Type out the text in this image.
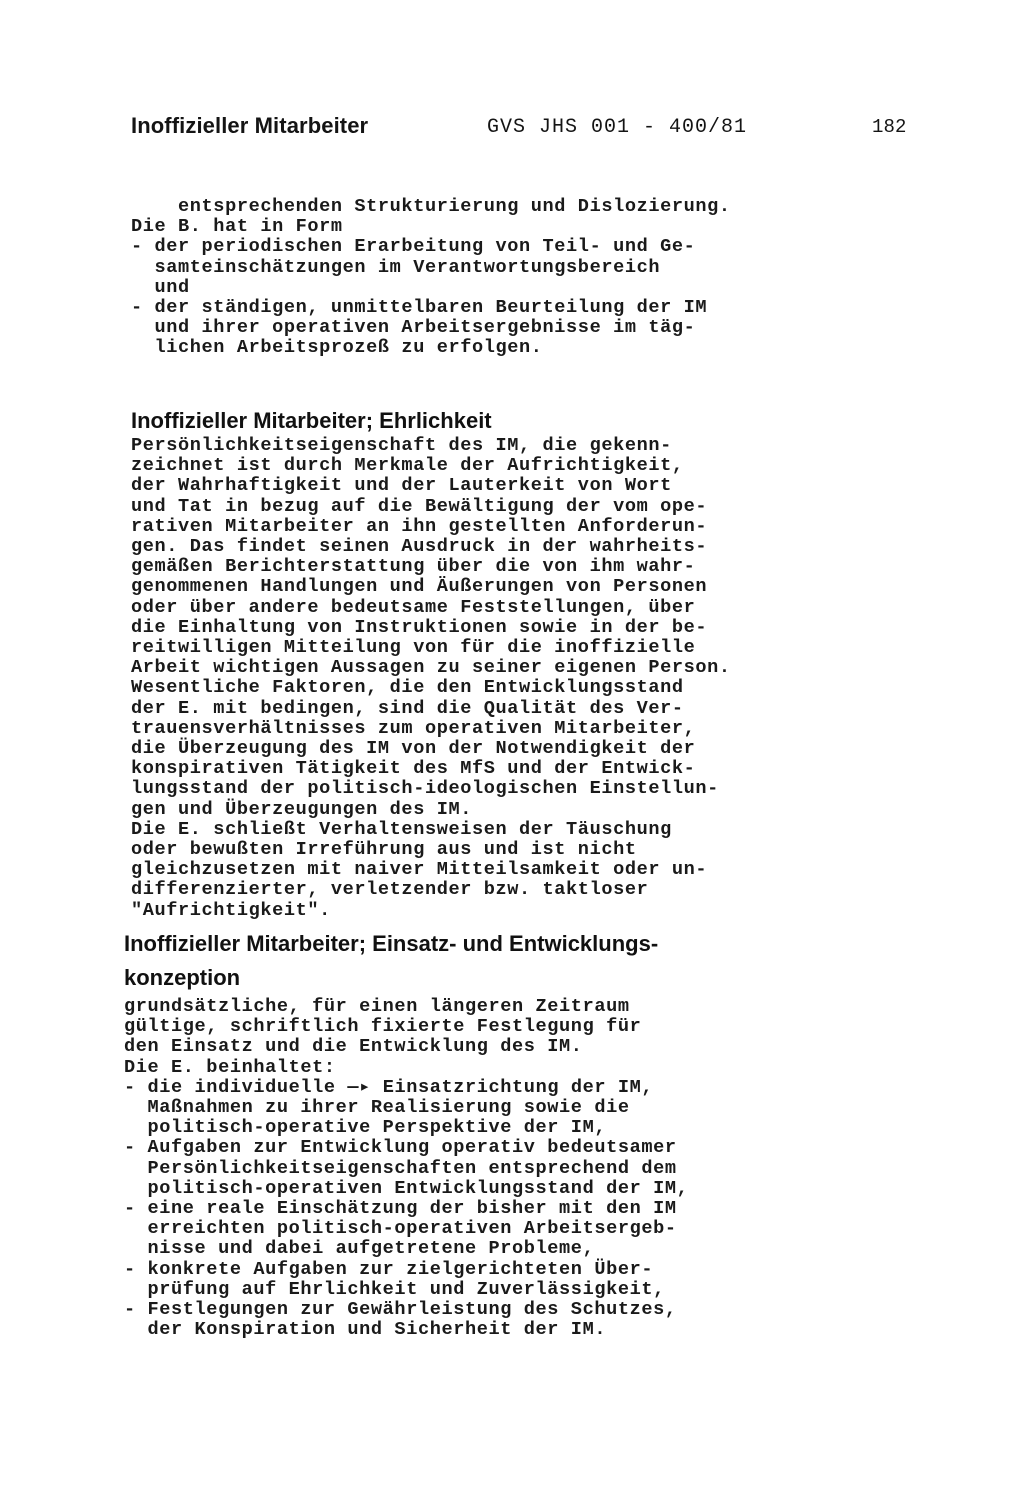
Inoffizieller Mitarbeiter	GVS JHS 001 - 400/81	182
entsprechenden Strukturierung und Dislozierung.
Die B. hat in Form
- der periodischen Erarbeitung von Teil- und Ge-
samteinschätzungen im Verantwortungsbereich
und
- der ständigen, unmittelbaren Beurteilung der IM
und ihrer operativen Arbeitsergebnisse im täg-
lichen Arbeitsprozeß zu erfolgen.
Inoffizieller Mitarbeiter; Ehrlichkeit
Persönlichkeitseigenschaft des IM, die gekenn-
zeichnet ist durch Merkmale der Aufrichtigkeit,
der Wahrhaftigkeit und der Lauterkeit von Wort
und Tat in bezug auf die Bewältigung der vom ope-
rativen Mitarbeiter an ihn gestellten Anforderun-
gen. Das findet seinen Ausdruck in der wahrheits-
gemäßen Berichterstattung über die von ihm wahr-
genommenen Handlungen und Äußerungen von Personen
oder über andere bedeutsame Feststellungen, über
die Einhaltung von Instruktionen sowie in der be-
reitwilligen Mitteilung von für die inoffizielle
Arbeit wichtigen Aussagen zu seiner eigenen Person.
Wesentliche Faktoren, die den Entwicklungsstand
der E. mit bedingen, sind die Qualität des Ver-
trauensverhältnisses zum operativen Mitarbeiter,
die Überzeugung des IM von der Notwendigkeit der
konspirativen Tätigkeit des MfS und der Entwick-
lungsstand der politisch-ideologischen Einstellun-
gen und Überzeugungen des IM.
Die E. schließt Verhaltensweisen der Täuschung
oder bewußten Irreführung aus und ist nicht
gleichzusetzen mit naiver Mitteilsamkeit oder un-
differenzierter, verletzender bzw. taktloser
"Aufrichtigkeit".
Inoffizieller Mitarbeiter; Einsatz- und Entwicklungs-
konzeption
grundsätzliche, für einen längeren Zeitraum
gültige, schriftlich fixierte Festlegung für
den Einsatz und die Entwicklung des IM.
Die E. beinhaltet:
- die individuelle —▸ Einsatzrichtung der IM,
Maßnahmen zu ihrer Realisierung sowie die
politisch-operative Perspektive der IM,
- Aufgaben zur Entwicklung operativ bedeutsamer
Persönlichkeitseigenschaften entsprechend dem
politisch-operativen Entwicklungsstand der IM,
- eine reale Einschätzung der bisher mit den IM
erreichten politisch-operativen Arbeitsergeb-
nisse und dabei aufgetretene Probleme,
- konkrete Aufgaben zur zielgerichteten Über-
prüfung auf Ehrlichkeit und Zuverlässigkeit,
- Festlegungen zur Gewährleistung des Schutzes,
der Konspiration und Sicherheit der IM.
